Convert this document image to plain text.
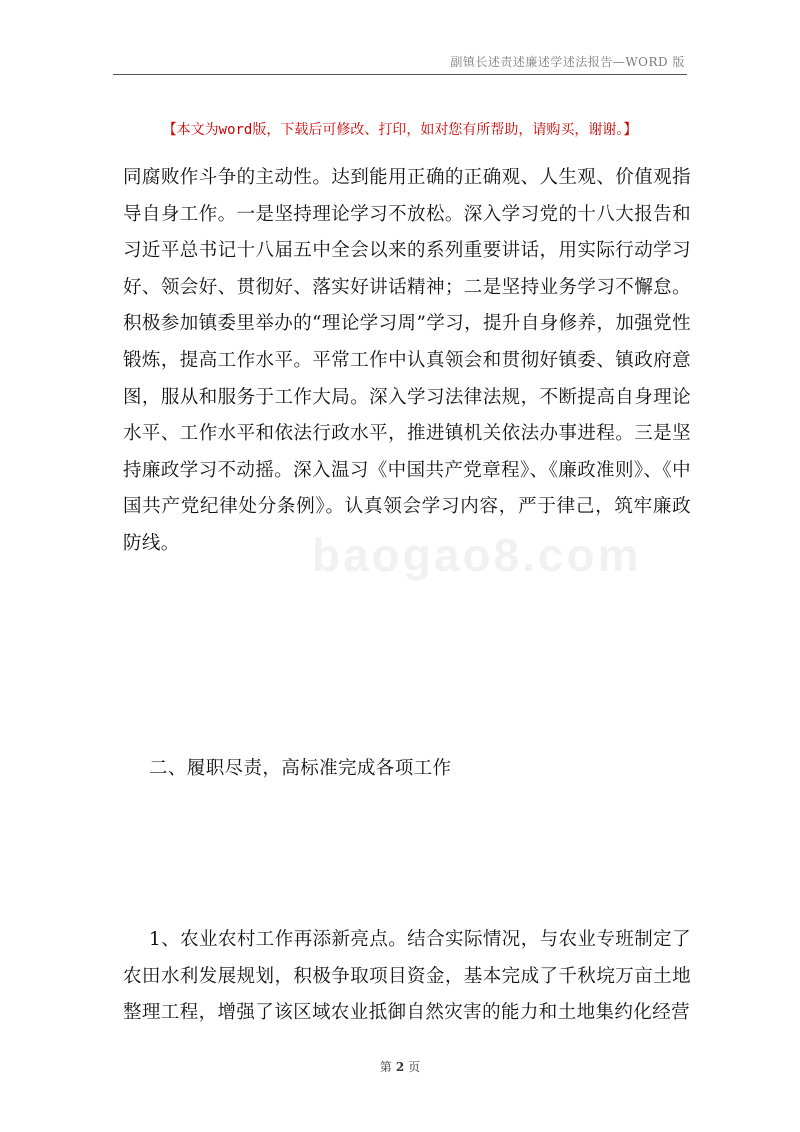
副镇长述责述廉述学述法报告—WORD 版
【本文为word版，下载后可修改、打印，如对您有所帮助，请购买，谢谢。】
baogao8.com

同腐败作斗争的主动性。达到能用正确的正确观、人生观、价值观指导自身工作。一是坚持理论学习不放松。深入学习党的十八大报告和习近平总书记十八届五中全会以来的系列重要讲话，用实际行动学习好、领会好、贯彻好、落实好讲话精神；二是坚持业务学习不懈怠。积极参加镇委里举办的“理论学习周”学习，提升自身修养，加强党性锻炼，提高工作水平。平常工作中认真领会和贯彻好镇委、镇政府意图，服从和服务于工作大局。深入学习法律法规，不断提高自身理论水平、工作水平和依法行政水平，推进镇机关依法办事进程。三是坚持廉政学习不动摇。深入温习《中国共产党章程》、《廉政准则》、《中国共产党纪律处分条例》。认真领会学习内容，严于律己，筑牢廉政防线。

二、履职尽责，高标准完成各项工作

1、农业农村工作再添新亮点。结合实际情况，与农业专班制定了农田水利发展规划，积极争取项目资金，基本完成了千秋垸万亩土地整理工程，增强了该区域农业抵御自然灾害的能力和土地集约化经营

第 2 页
